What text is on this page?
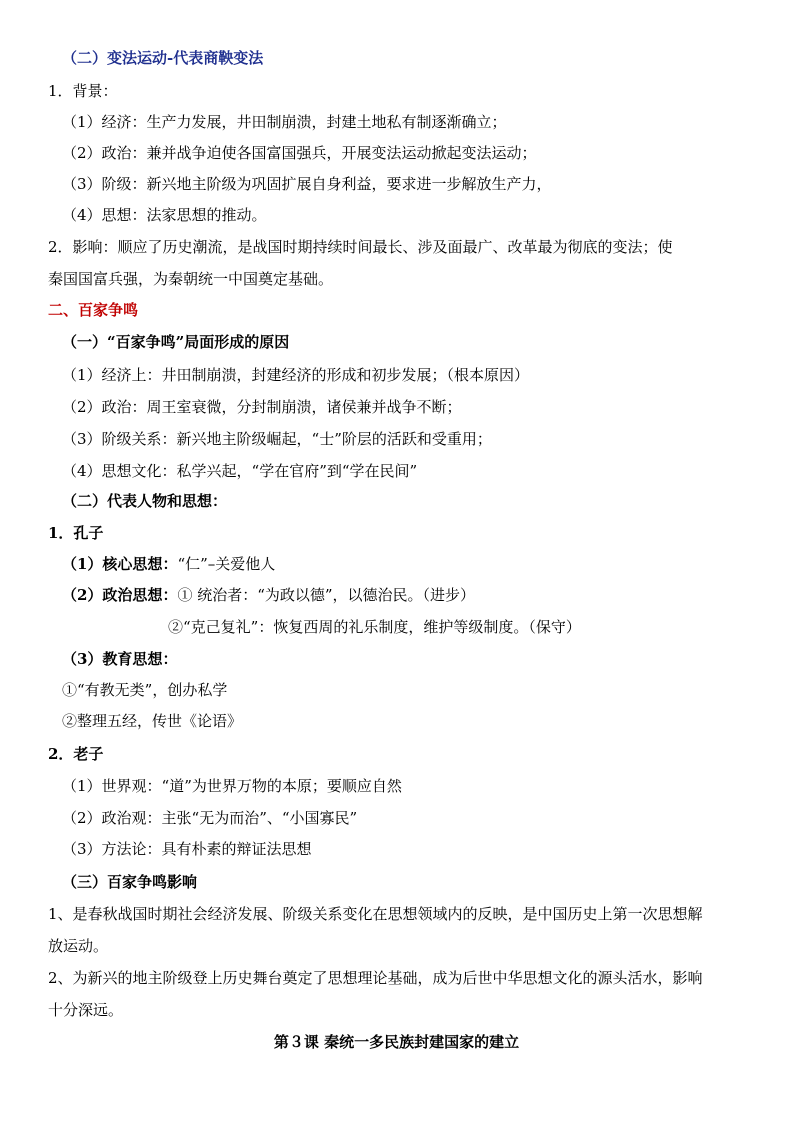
（二）变法运动-代表商鞅变法
1．背景：
（1）经济：生产力发展，井田制崩溃，封建土地私有制逐渐确立；
（2）政治：兼并战争迫使各国富国强兵，开展变法运动掀起变法运动；
（3）阶级：新兴地主阶级为巩固扩展自身利益，要求进一步解放生产力，
（4）思想：法家思想的推动。
2．影响：顺应了历史潮流，是战国时期持续时间最长、涉及面最广、改革最为彻底的变法；使
秦国国富兵强，为秦朝统一中国奠定基础。
二、百家争鸣
（一）“百家争鸣”局面形成的原因
（1）经济上：井田制崩溃，封建经济的形成和初步发展；（根本原因）
（2）政治：周王室衰微，分封制崩溃，诸侯兼并战争不断；
（3）阶级关系：新兴地主阶级崛起，“士”阶层的活跃和受重用；
（4）思想文化：私学兴起，“学在官府”到“学在民间”
（二）代表人物和思想：
1．孔子
（1）核心思想：“仁”–关爱他人
（2）政治思想：① 统治者：“为政以德”，以德治民。（进步）
②“克己复礼”：恢复西周的礼乐制度，维护等级制度。（保守）
（3）教育思想：
①“有教无类”，创办私学
②整理五经，传世《论语》
2．老子
（1）世界观：“道”为世界万物的本原；要顺应自然
（2）政治观：主张“无为而治”、“小国寡民”
（3）方法论：具有朴素的辩证法思想
（三）百家争鸣影响
1、是春秋战国时期社会经济发展、阶级关系变化在思想领域内的反映，是中国历史上第一次思想解
放运动。
2、为新兴的地主阶级登上历史舞台奠定了思想理论基础，成为后世中华思想文化的源头活水，影响
十分深远。
第３课 秦统一多民族封建国家的建立
